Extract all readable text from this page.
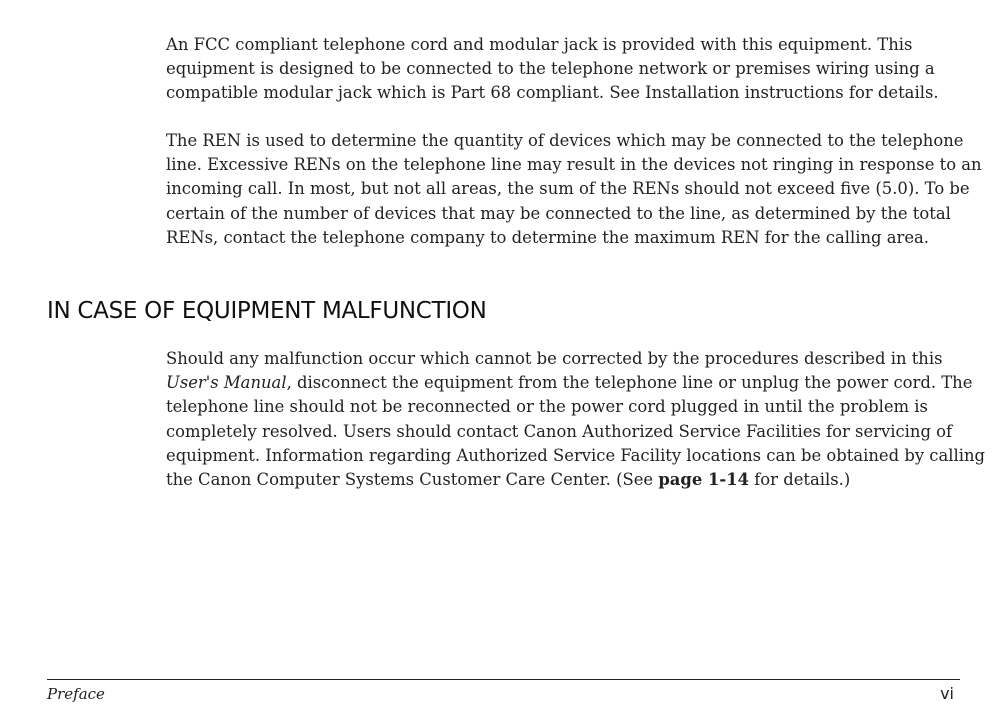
An FCC compliant telephone cord and modular jack is provided with this equipment. This
equipment is designed to be connected to the telephone network or premises wiring using a
compatible modular jack which is Part 68 compliant. See Installation instructions for details.
The REN is used to determine the quantity of devices which may be connected to the telephone
line. Excessive RENs on the telephone line may result in the devices not ringing in response to an
incoming call. In most, but not all areas, the sum of the RENs should not exceed five (5.0). To be
certain of the number of devices that may be connected to the line, as determined by the total
RENs, contact the telephone company to determine the maximum REN for the calling area.
IN CASE OF EQUIPMENT MALFUNCTION
Should any malfunction occur which cannot be corrected by the procedures described in this
User's Manual, disconnect the equipment from the telephone line or unplug the power cord. The
telephone line should not be reconnected or the power cord plugged in until the problem is
completely resolved. Users should contact Canon Authorized Service Facilities for servicing of
equipment. Information regarding Authorized Service Facility locations can be obtained by calling
the Canon Computer Systems Customer Care Center. (See page 1-14 for details.)
Preface	vi
